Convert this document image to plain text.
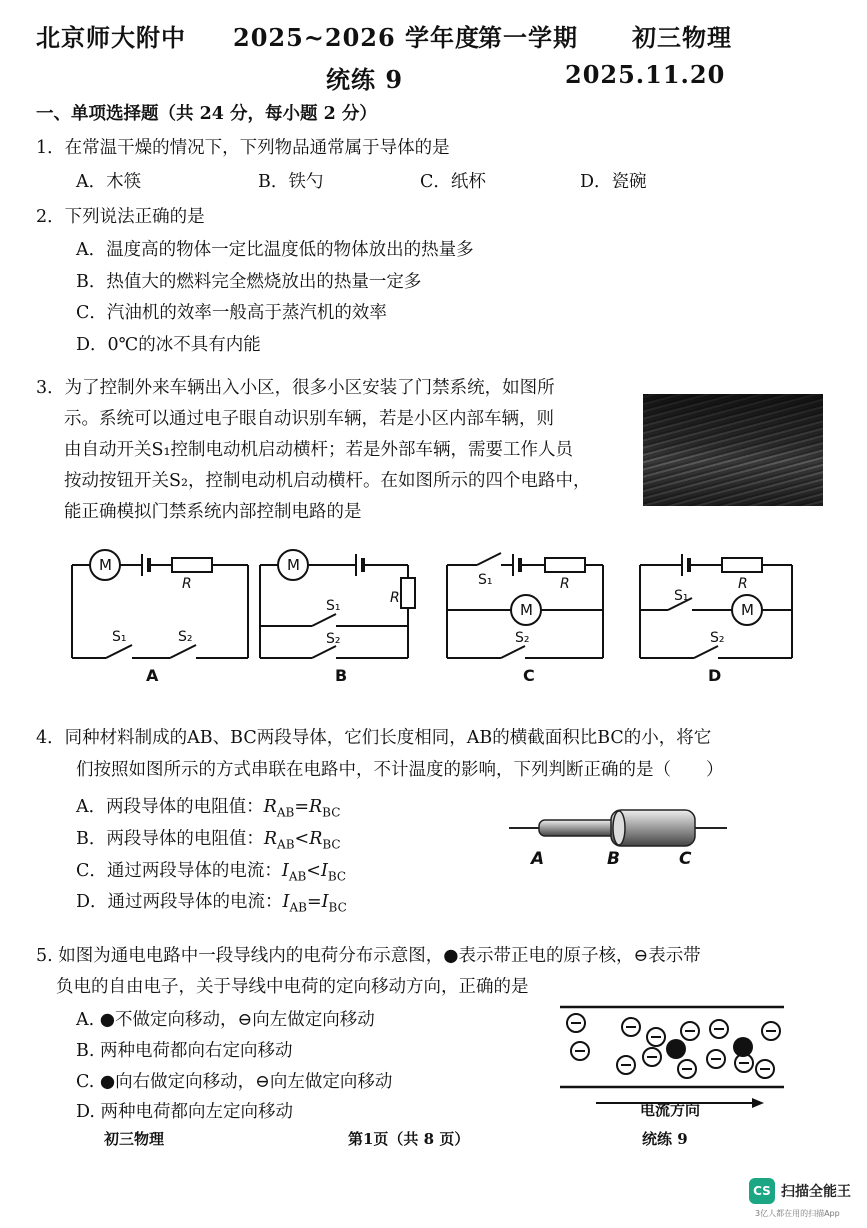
北京师大附中 2025~2026 学年度
第一学期 初三物理
统练 9	2025.11.20
一、单项选择题（共 24 分，每小题 2 分）
1．在常温干燥的情况下，下列物品通常属于导体的是
A．木筷	B．铁勺	C．纸杯	D．瓷碗
2．下列说法正确的是
A．温度高的物体一定比温度低的物体放出的热量多
B．热值大的燃料完全燃烧放出的热量一定多
C．汽油机的效率一般高于蒸汽机的效率
D．0℃的冰不具有内能
3．为了控制外来车辆出入小区，很多小区安装了门禁系统，如图所
示。系统可以通过电子眼自动识别车辆，若是小区内部车辆，则
由自动开关S₁控制电动机启动横杆；若是外部车辆，需要工作人员
按动按钮开关S₂，控制电动机启动横杆。在如图所示的四个电路中，
能正确模拟门禁系统内部控制电路的是
M
R
S₁	S₂
A
M
R
S₁
S₂
B
S₁	R
M
S₂
C
R
S₁
M
S₂
D
4．同种材料制成的AB、BC两段导体，它们长度相同，AB的横截面积比BC的小，将它
们按照如图所示的方式串联在电路中，不计温度的影响，下列判断正确的是（　　）
A．两段导体的电阻值：$R_{AB}=R_{BC}$
B．两段导体的电阻值：$R_{AB}<R_{BC}$
C．通过两段导体的电流：$I_{AB}<I_{BC}$
D．通过两段导体的电流：$I_{AB}=I_{BC}$
A	B	C
5. 如图为通电电路中一段导线内的电荷分布示意图，●表示带正电的原子核，⊖表示带
负电的自由电子，关于导线中电荷的定向移动方向，正确的是
A. ●不做定向移动，⊖向左做定向移动
B. 两种电荷都向右定向移动
C. ●向右做定向移动，⊖向左做定向移动
D. 两种电荷都向左定向移动	电流方向
初三物理	第1页（共 8 页）	统练 9
CS 扫描全能王
3亿人都在用的扫描App
